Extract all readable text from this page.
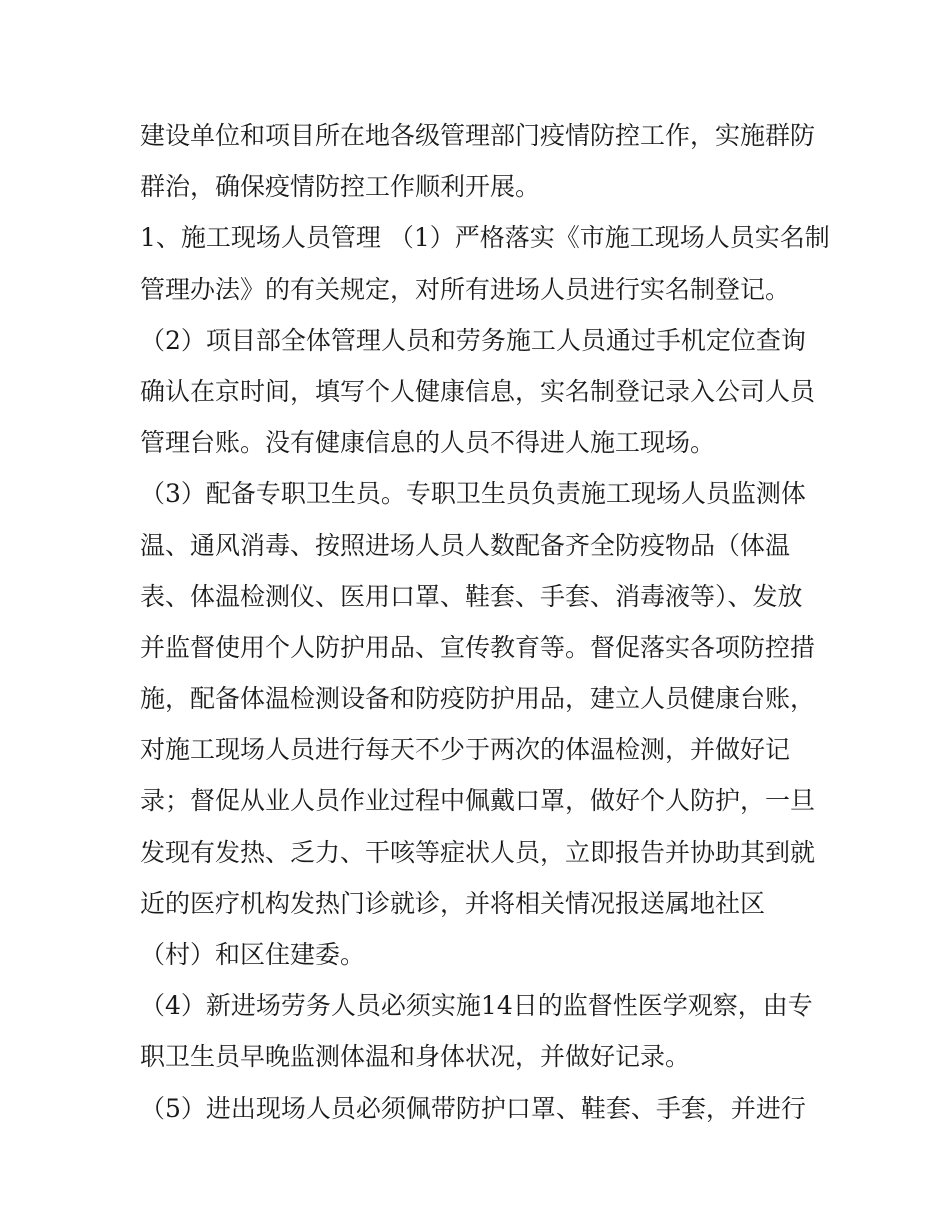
建设单位和项目所在地各级管理部门疫情防控工作，实施群防

群治，确保疫情防控工作顺利开展。

1、施工现场人员管理 （1）严格落实《市施工现场人员实名制

管理办法》的有关规定，对所有进场人员进行实名制登记。

（2）项目部全体管理人员和劳务施工人员通过手机定位查询

确认在京时间，填写个人健康信息，实名制登记录入公司人员

管理台账。没有健康信息的人员不得进人施工现场。

（3）配备专职卫生员。专职卫生员负责施工现场人员监测体

温、通风消毒、按照进场人员人数配备齐全防疫物品（体温

表、体温检测仪、医用口罩、鞋套、手套、消毒液等）、发放

并监督使用个人防护用品、宣传教育等。督促落实各项防控措

施，配备体温检测设备和防疫防护用品，建立人员健康台账，

对施工现场人员进行每天不少于两次的体温检测，并做好记

录；督促从业人员作业过程中佩戴口罩，做好个人防护，一旦

发现有发热、乏力、干咳等症状人员，立即报告并协助其到就

近的医疗机构发热门诊就诊，并将相关情况报送属地社区

（村）和区住建委。

（4）新进场劳务人员必须实施14日的监督性医学观察，由专

职卫生员早晚监测体温和身体状况，并做好记录。

（5）进出现场人员必须佩带防护口罩、鞋套、手套，并进行
